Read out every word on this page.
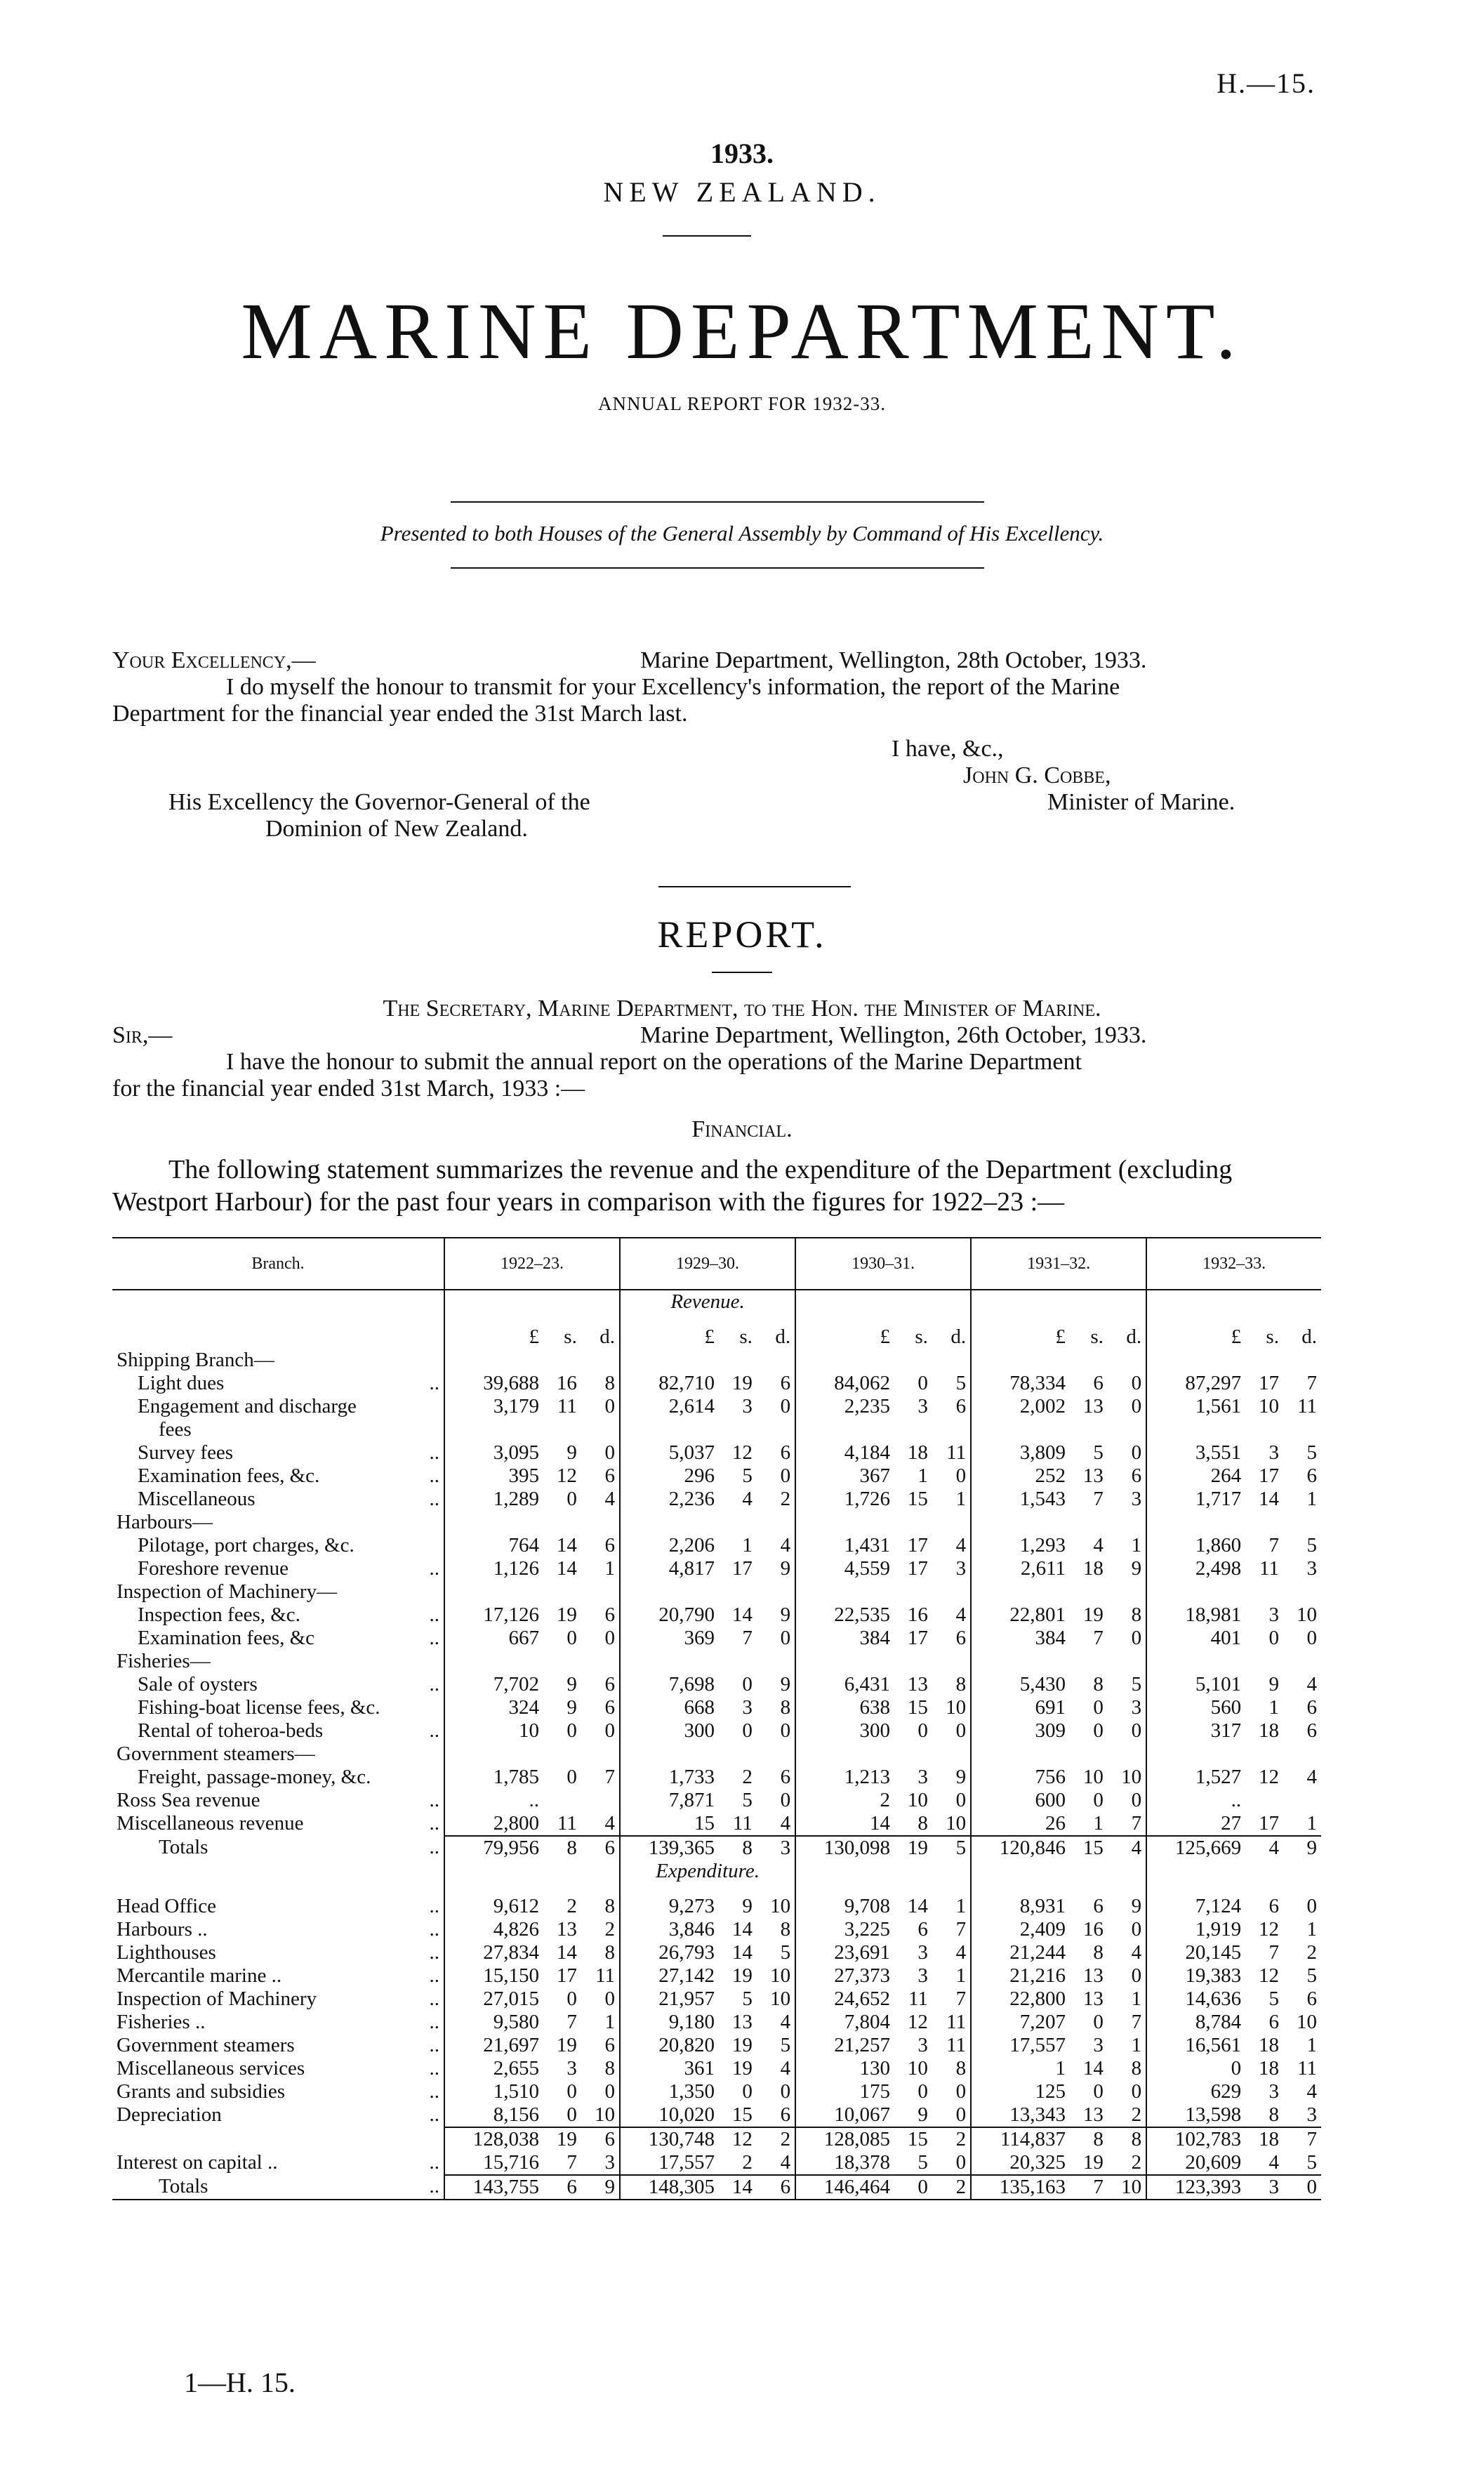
H.—15.
1933.
NEW ZEALAND.
MARINE DEPARTMENT.
ANNUAL REPORT FOR 1932-33.
Presented to both Houses of the General Assembly by Command of His Excellency.
Your Excellency,—	Marine Department, Wellington, 28th October, 1933.
I do myself the honour to transmit for your Excellency's information, the report of the Marine
Department for the financial year ended the 31st March last.
I have, &c.,
John G. Cobbe,
His Excellency the Governor-General of the	Minister of Marine.
Dominion of New Zealand.
REPORT.
The Secretary, Marine Department, to the Hon. the Minister of Marine.
Sir,—	Marine Department, Wellington, 26th October, 1933.
I have the honour to submit the annual report on the operations of the Marine Department
for the financial year ended 31st March, 1933 :—
Financial.
The following statement summarizes the revenue and the expenditure of the Department (excluding
Westport Harbour) for the past four years in comparison with the figures for 1922–23 :—
Branch.	1922–23.			1929–30.			1930–31.			1931–32.			1932–33.		
				Revenue.											
	£	s.	d.	£	s.	d.	£	s.	d.	£	s.	d.	£	s.	d.
Shipping Branch—															
Light dues ..	39,688	16	8	82,710	19	6	84,062	0	5	78,334	6	0	87,297	17	7
Engagement and discharge	3,179	11	0	2,614	3	0	2,235	3	6	2,002	13	0	1,561	10	11
fees															
Survey fees ..	3,095	9	0	5,037	12	6	4,184	18	11	3,809	5	0	3,551	3	5
Examination fees, &c. ..	395	12	6	296	5	0	367	1	0	252	13	6	264	17	6
Miscellaneous ..	1,289	0	4	2,236	4	2	1,726	15	1	1,543	7	3	1,717	14	1
Harbours—															
Pilotage, port charges, &c.	764	14	6	2,206	1	4	1,431	17	4	1,293	4	1	1,860	7	5
Foreshore revenue ..	1,126	14	1	4,817	17	9	4,559	17	3	2,611	18	9	2,498	11	3
Inspection of Machinery—															
Inspection fees, &c. ..	17,126	19	6	20,790	14	9	22,535	16	4	22,801	19	8	18,981	3	10
Examination fees, &c ..	667	0	0	369	7	0	384	17	6	384	7	0	401	0	0
Fisheries—															
Sale of oysters ..	7,702	9	6	7,698	0	9	6,431	13	8	5,430	8	5	5,101	9	4
Fishing-boat license fees, &c.	324	9	6	668	3	8	638	15	10	691	0	3	560	1	6
Rental of toheroa-beds ..	10	0	0	300	0	0	300	0	0	309	0	0	317	18	6
Government steamers—															
Freight, passage-money, &c.	1,785	0	7	1,733	2	6	1,213	3	9	756	10	10	1,527	12	4
Ross Sea revenue ..	..			7,871	5	0	2	10	0	600	0	0	..		
Miscellaneous revenue ..	2,800	11	4	15	11	4	14	8	10	26	1	7	27	17	1
Totals ..	79,956	8	6	139,365	8	3	130,098	19	5	120,846	15	4	125,669	4	9
				Expenditure.											
Head Office ..	9,612	2	8	9,273	9	10	9,708	14	1	8,931	6	9	7,124	6	0
Harbours .. ..	4,826	13	2	3,846	14	8	3,225	6	7	2,409	16	0	1,919	12	1
Lighthouses ..	27,834	14	8	26,793	14	5	23,691	3	4	21,244	8	4	20,145	7	2
Mercantile marine .. ..	15,150	17	11	27,142	19	10	27,373	3	1	21,216	13	0	19,383	12	5
Inspection of Machinery ..	27,015	0	0	21,957	5	10	24,652	11	7	22,800	13	1	14,636	5	6
Fisheries .. ..	9,580	7	1	9,180	13	4	7,804	12	11	7,207	0	7	8,784	6	10
Government steamers ..	21,697	19	6	20,820	19	5	21,257	3	11	17,557	3	1	16,561	18	1
Miscellaneous services ..	2,655	3	8	361	19	4	130	10	8	1	14	8	0	18	11
Grants and subsidies ..	1,510	0	0	1,350	0	0	175	0	0	125	0	0	629	3	4
Depreciation ..	8,156	0	10	10,020	15	6	10,067	9	0	13,343	13	2	13,598	8	3
	128,038	19	6	130,748	12	2	128,085	15	2	114,837	8	8	102,783	18	7
Interest on capital .. ..	15,716	7	3	17,557	2	4	18,378	5	0	20,325	19	2	20,609	4	5
Totals ..	143,755	6	9	148,305	14	6	146,464	0	2	135,163	7	10	123,393	3	0
1—H. 15.
